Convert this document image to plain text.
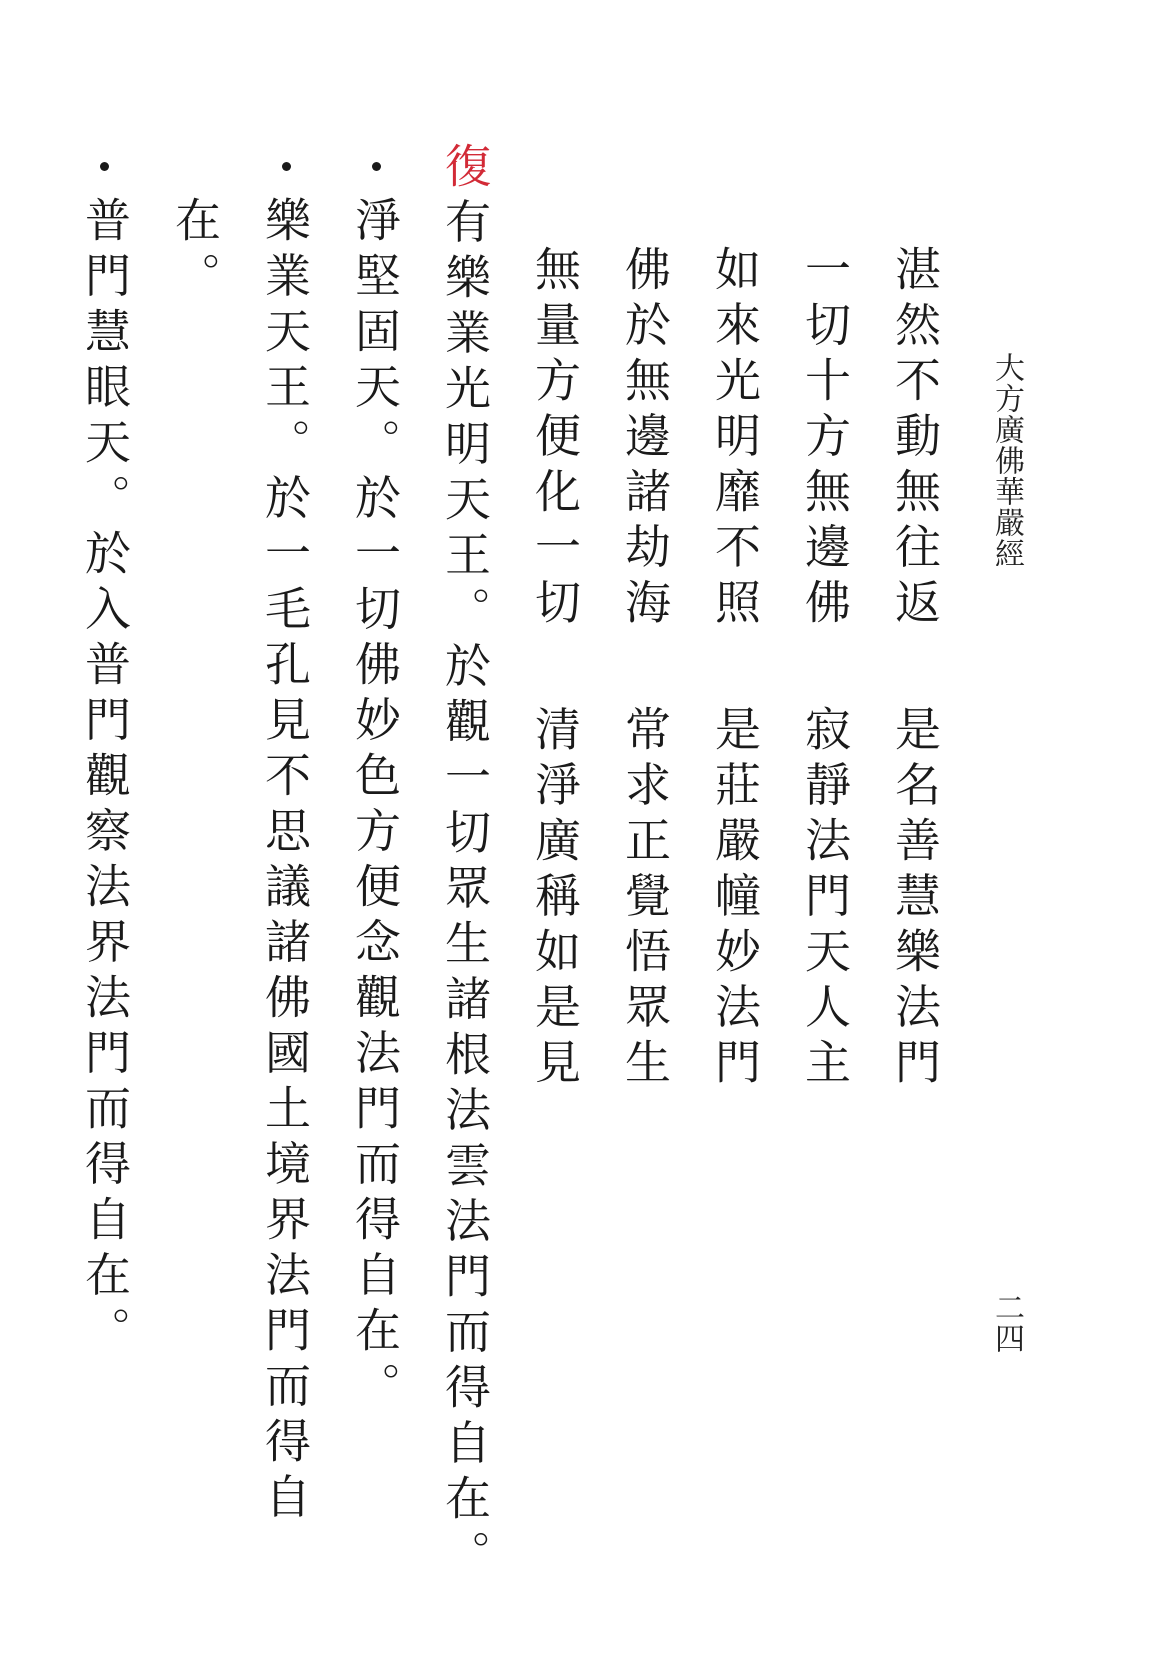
大方廣佛華嚴經
二四
湛然不動無往返
一切十方無邊佛
如來光明靡不照
佛於無邊諸劫海
無量方便化一切
是名善慧樂法門
寂靜法門天人主
是莊嚴幢妙法門
常求正覺悟眾生
清淨廣稱如是見
復有樂業光明天王。於觀一切眾生諸根法雲法門而得自在。
淨堅固天。於一切佛妙色方便念觀法門而得自在。
樂業天王。於一毛孔見不思議諸佛國土境界法門而得自
在。
普門慧眼天。於入普門觀察法界法門而得自在。
